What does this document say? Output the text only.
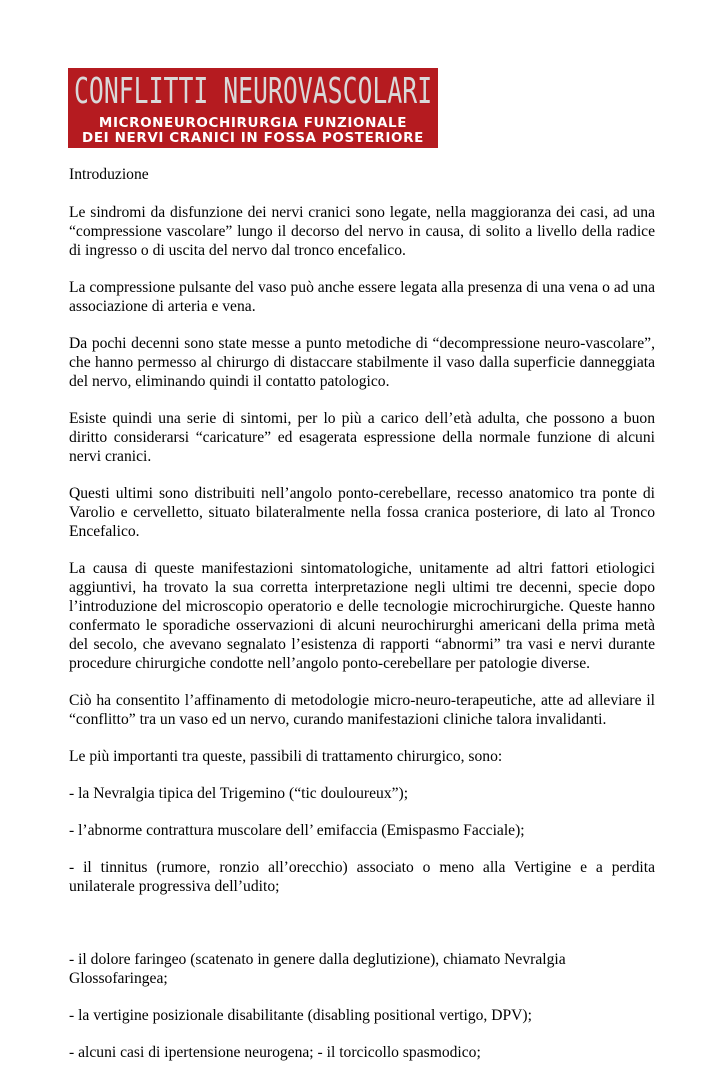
CONFLITTI NEUROVASCOLARI
MICRONEUROCHIRURGIA FUNZIONALE
DEI NERVI CRANICI IN FOSSA POSTERIORE

Introduzione

Le sindromi da disfunzione dei nervi cranici sono legate, nella maggioranza dei casi, ad una “compressione vascolare” lungo il decorso del nervo in causa, di solito a livello della radice di ingresso o di uscita del nervo dal tronco encefalico.

La compressione pulsante del vaso può anche essere legata alla presenza di una vena o ad una associazione di arteria e vena.

Da pochi decenni sono state messe a punto metodiche di “decompressione neuro-vascolare”, che hanno permesso al chirurgo di distaccare stabilmente il vaso dalla superficie danneggiata del nervo, eliminando quindi il contatto patologico.

Esiste quindi una serie di sintomi, per lo più a carico dell’età adulta, che possono a buon diritto considerarsi “caricature” ed esagerata espressione della normale funzione di alcuni nervi cranici.

Questi ultimi sono distribuiti nell’angolo ponto-cerebellare, recesso anatomico tra ponte di Varolio e cervelletto, situato bilateralmente nella fossa cranica posteriore, di lato al Tronco Encefalico.

La causa di queste manifestazioni sintomatologiche, unitamente ad altri fattori etiologici aggiuntivi, ha trovato la sua corretta interpretazione negli ultimi tre decenni, specie dopo l’introduzione del microscopio operatorio e delle tecnologie microchirurgiche. Queste hanno confermato le sporadiche osservazioni di alcuni neurochirurghi americani della prima metà del secolo, che avevano segnalato l’esistenza di rapporti “abnormi” tra vasi e nervi durante procedure chirurgiche condotte nell’angolo ponto-cerebellare per patologie diverse.

Ciò ha consentito l’affinamento di metodologie micro-neuro-terapeutiche, atte ad alleviare il “conflitto” tra un vaso ed un nervo, curando manifestazioni cliniche talora invalidanti.

Le più importanti tra queste, passibili di trattamento chirurgico, sono:

- la Nevralgia tipica del Trigemino (“tic douloureux”);

- l’abnorme contrattura muscolare dell’ emifaccia (Emispasmo Facciale);

- il tinnitus (rumore, ronzio all’orecchio) associato o meno alla Vertigine e a perdita unilaterale progressiva dell’udito;

- il dolore faringeo (scatenato in genere dalla deglutizione), chiamato Nevralgia Glossofaringea;

- la vertigine posizionale disabilitante (disabling positional vertigo, DPV);

- alcuni casi di ipertensione neurogena; - il torcicollo spasmodico;
